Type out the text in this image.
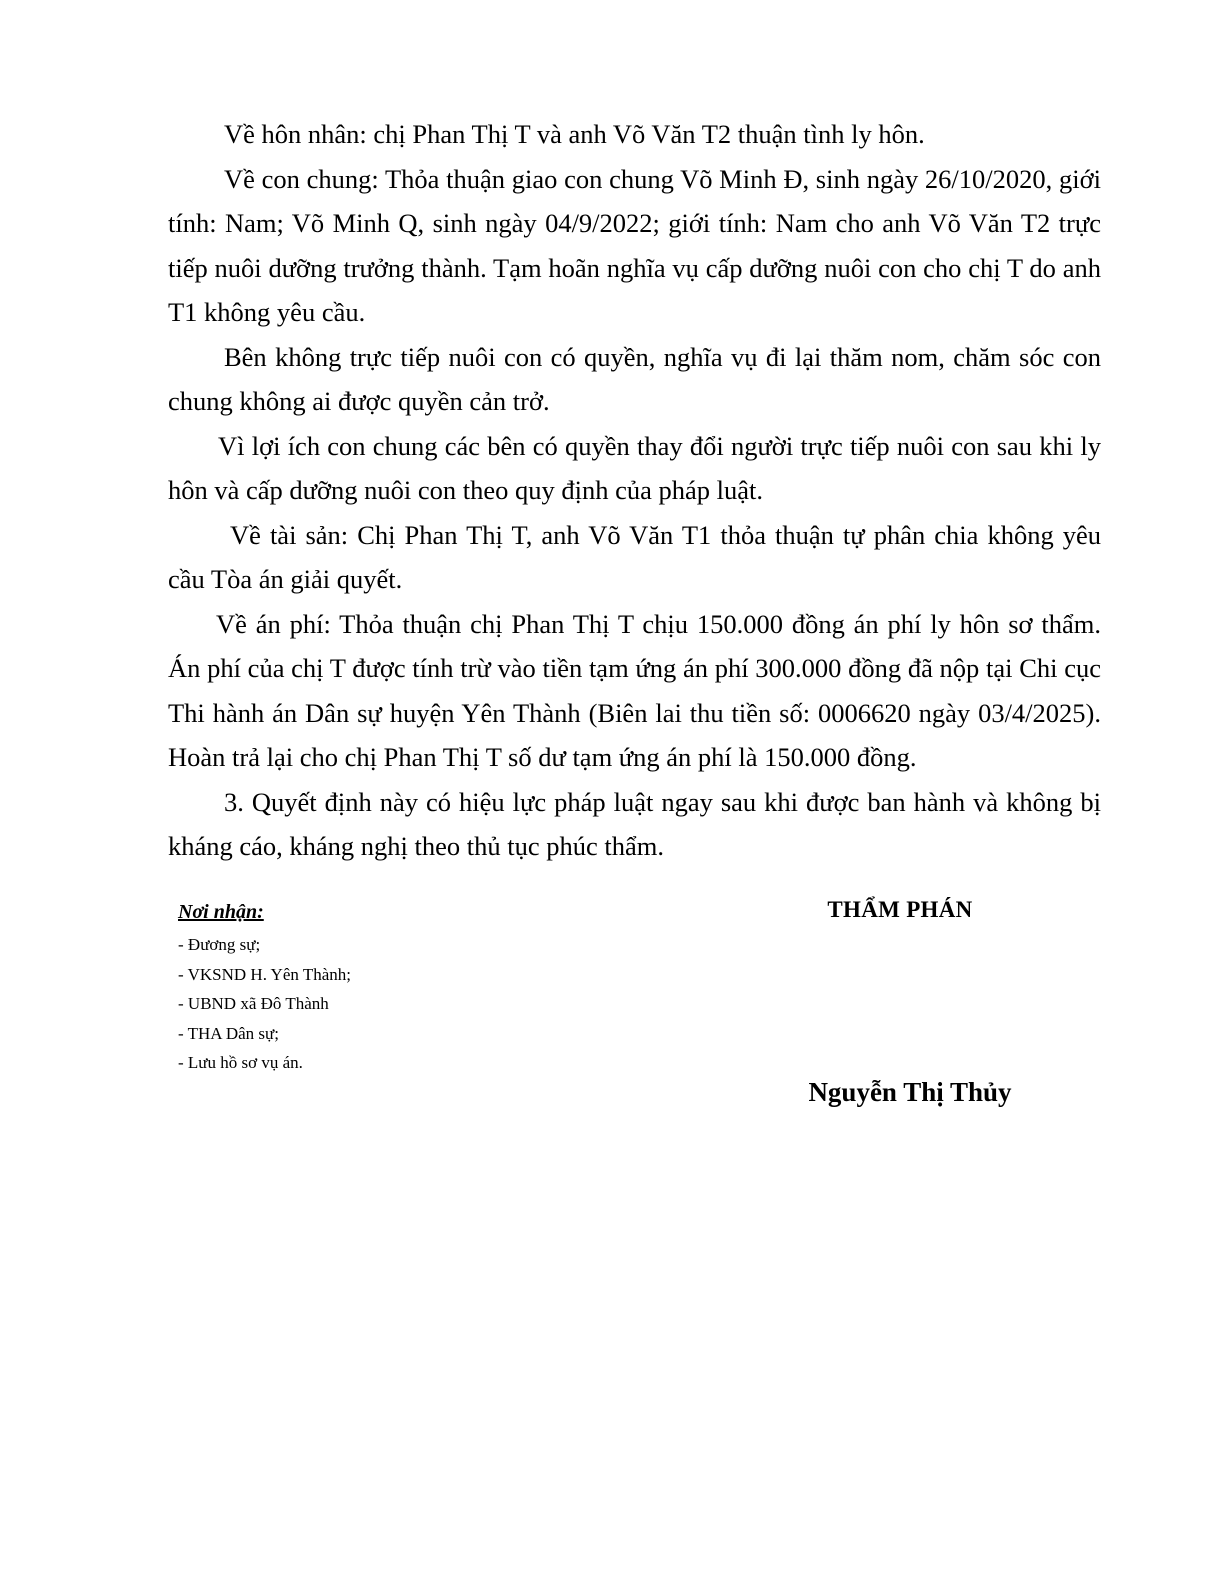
Về hôn nhân: chị Phan Thị T và anh Võ Văn T2 thuận tình ly hôn.

Về con chung: Thỏa thuận giao con chung Võ Minh Đ, sinh ngày 26/10/2020, giới tính: Nam; Võ Minh Q, sinh ngày 04/9/2022; giới tính: Nam cho anh Võ Văn T2 trực tiếp nuôi dưỡng trưởng thành. Tạm hoãn nghĩa vụ cấp dưỡng nuôi con cho chị T do anh T1 không yêu cầu.

Bên không trực tiếp nuôi con có quyền, nghĩa vụ đi lại thăm nom, chăm sóc con chung không ai được quyền cản trở.

Vì lợi ích con chung các bên có quyền thay đổi người trực tiếp nuôi con sau khi ly hôn và cấp dưỡng nuôi con theo quy định của pháp luật.

Về tài sản: Chị Phan Thị T, anh Võ Văn T1 thỏa thuận tự phân chia không yêu cầu Tòa án giải quyết.

Về án phí: Thỏa thuận chị Phan Thị T chịu 150.000 đồng án phí ly hôn sơ thẩm. Án phí của chị T được tính trừ vào tiền tạm ứng án phí 300.000 đồng đã nộp tại Chi cục Thi hành án Dân sự huyện Yên Thành (Biên lai thu tiền số: 0006620 ngày 03/4/2025). Hoàn trả lại cho chị Phan Thị T số dư tạm ứng án phí là 150.000 đồng.

3. Quyết định này có hiệu lực pháp luật ngay sau khi được ban hành và không bị kháng cáo, kháng nghị theo thủ tục phúc thẩm.

Nơi nhận:
- Đương sự;
- VKSND H. Yên Thành;
- UBND xã Đô Thành
- THA Dân sự;
- Lưu hồ sơ vụ án.
THẨM PHÁN
Nguyễn Thị Thủy
